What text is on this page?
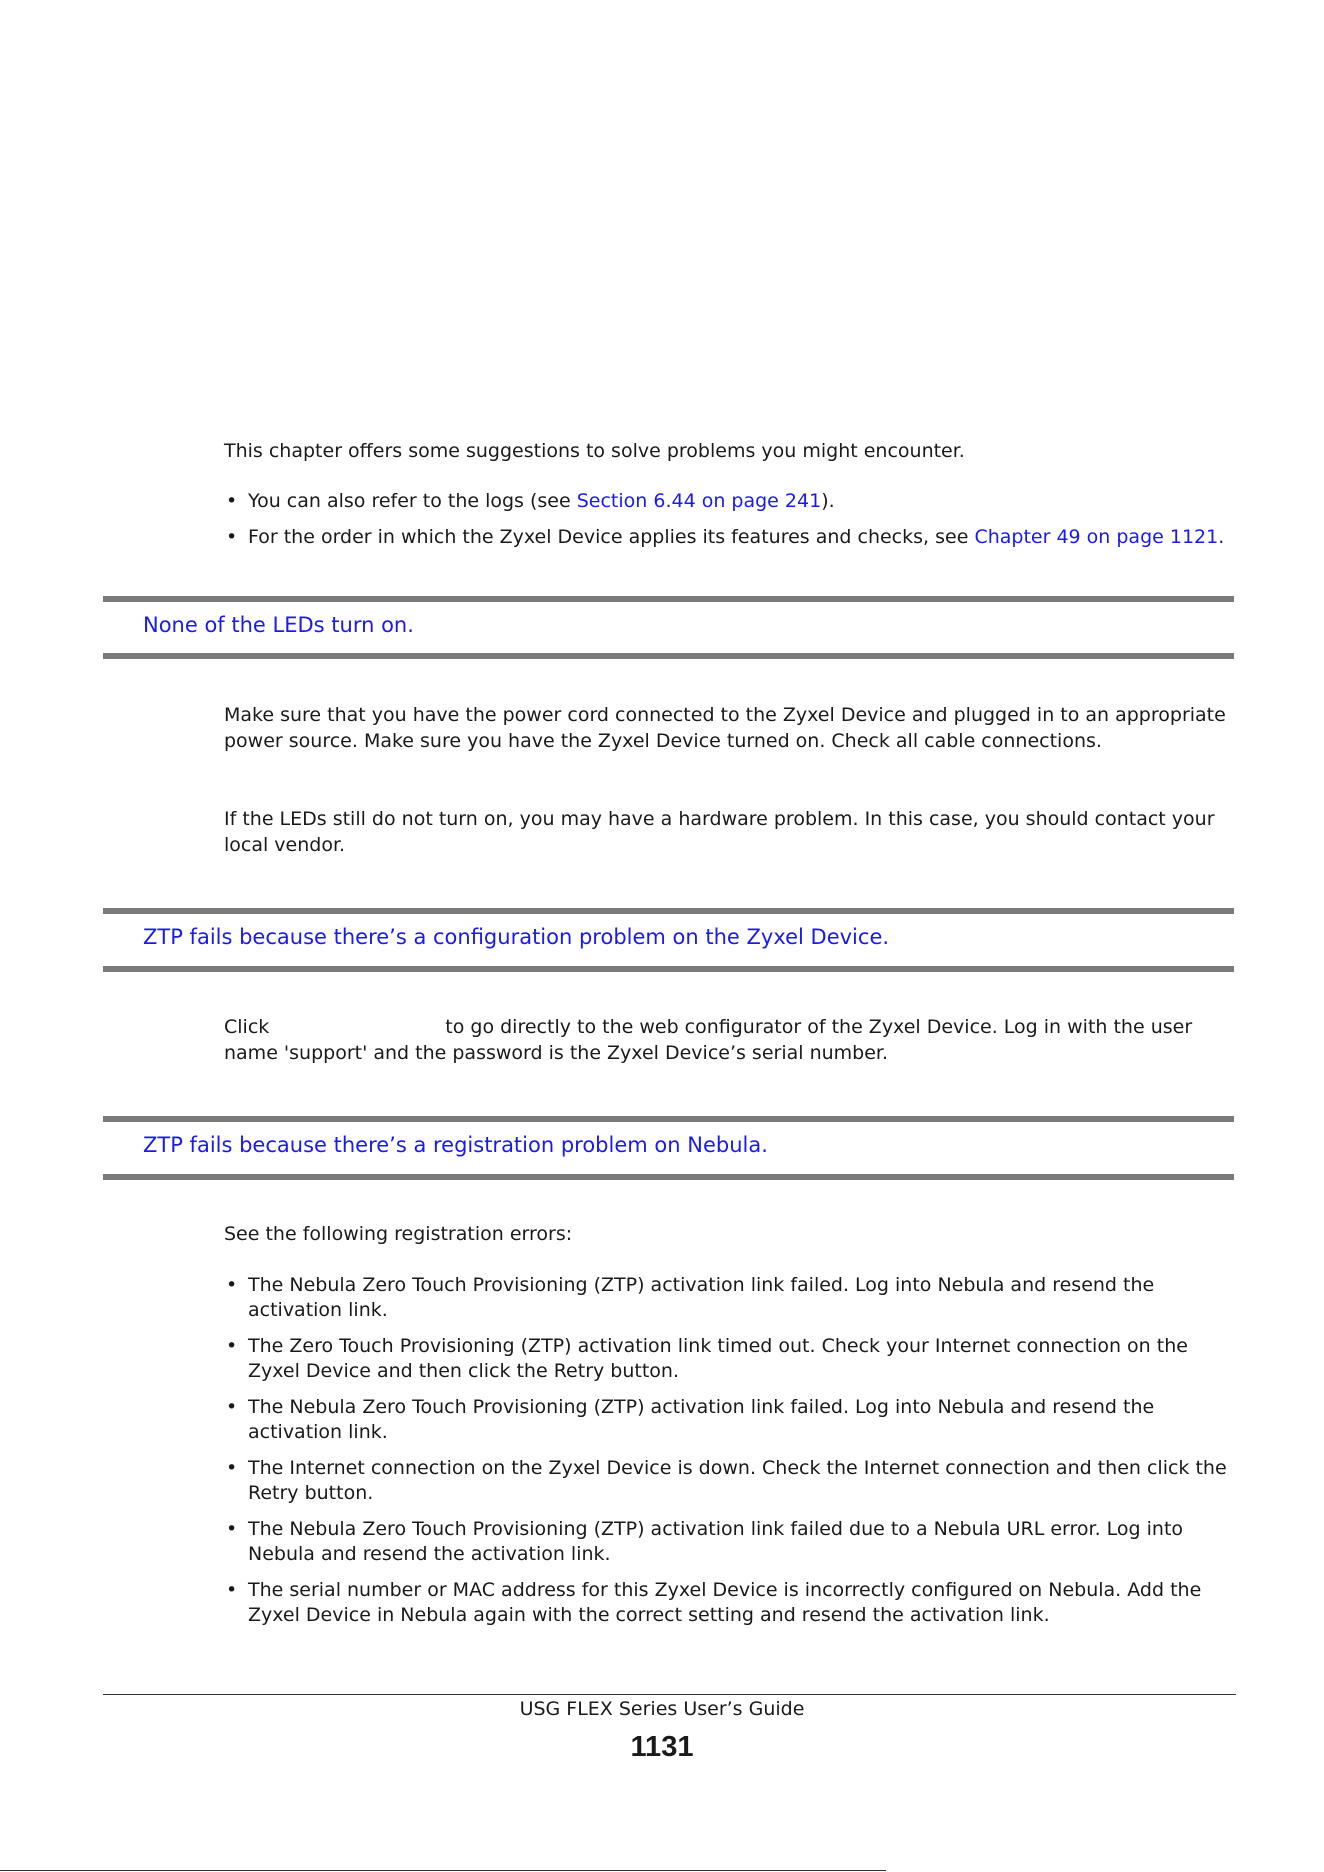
This chapter offers some suggestions to solve problems you might encounter.

• You can also refer to the logs (see Section 6.44 on page 241).
• For the order in which the Zyxel Device applies its features and checks, see Chapter 49 on page 1121.

None of the LEDs turn on.

Make sure that you have the power cord connected to the Zyxel Device and plugged in to an appropriate power source. Make sure you have the Zyxel Device turned on. Check all cable connections.

If the LEDs still do not turn on, you may have a hardware problem. In this case, you should contact your local vendor.

ZTP fails because there’s a configuration problem on the Zyxel Device.

Click	to go directly to the web configurator of the Zyxel Device. Log in with the user name 'support' and the password is the Zyxel Device’s serial number.

ZTP fails because there’s a registration problem on Nebula.

See the following registration errors:

• The Nebula Zero Touch Provisioning (ZTP) activation link failed. Log into Nebula and resend the activation link.
• The Zero Touch Provisioning (ZTP) activation link timed out. Check your Internet connection on the Zyxel Device and then click the Retry button.
• The Nebula Zero Touch Provisioning (ZTP) activation link failed. Log into Nebula and resend the activation link.
• The Internet connection on the Zyxel Device is down. Check the Internet connection and then click the Retry button.
• The Nebula Zero Touch Provisioning (ZTP) activation link failed due to a Nebula URL error. Log into Nebula and resend the activation link.
• The serial number or MAC address for this Zyxel Device is incorrectly configured on Nebula. Add the Zyxel Device in Nebula again with the correct setting and resend the activation link.
USG FLEX Series User’s Guide
1131
